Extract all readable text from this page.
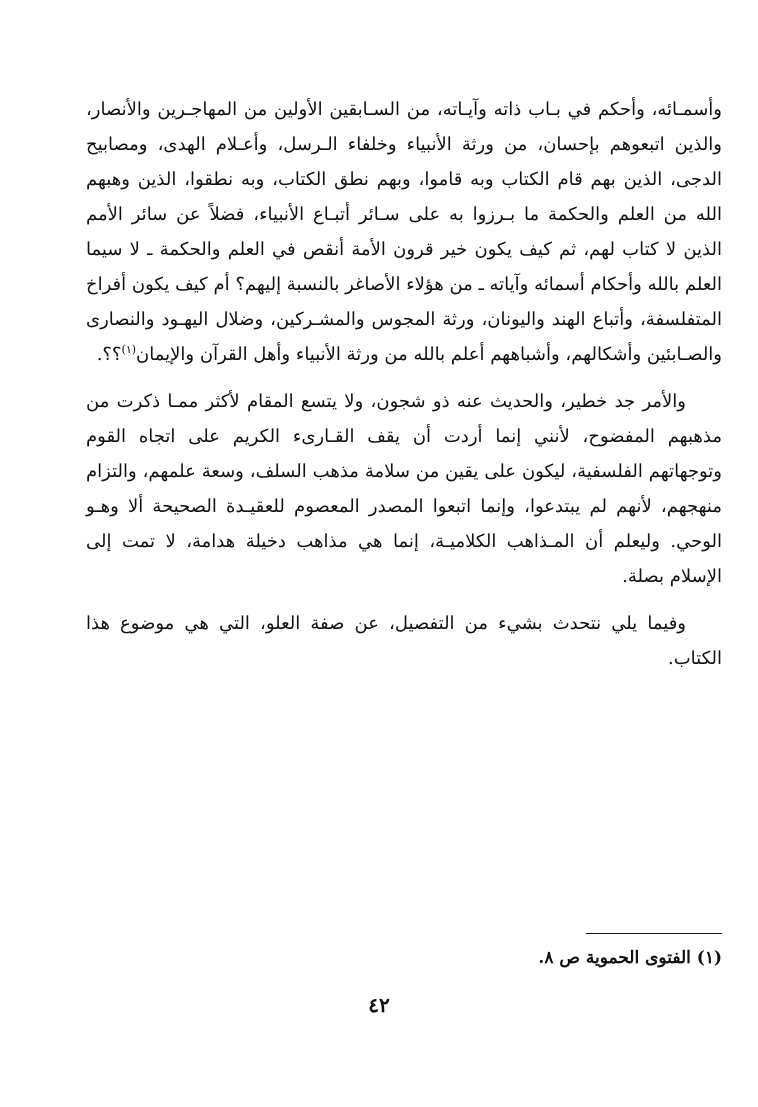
وأسمـائه، وأحكم في بـاب ذاته وآيـاته، من السـابقين الأولين من المهاجـرين والأنصار، والذين اتبعوهم بإحسان، من ورثة الأنبياء وخلفاء الـرسل، وأعـلام الهدى، ومصابيح الدجى، الذين بهم قام الكتاب وبه قاموا، وبهم نطق الكتاب، وبه نطقوا، الذين وهبهم الله من العلم والحكمة ما بـرزوا به على سـائر أتبـاع الأنبياء، فضلاً عن سائر الأمم الذين لا كتاب لهم، ثم كيف يكون خير قرون الأمة أنقص في العلم والحكمة ـ لا سيما العلم بالله وأحكام أسمائه وآياته ـ من هؤلاء الأصاغر بالنسبة إليهم؟ أم كيف يكون أفراخ المتفلسفة، وأتباع الهند واليونان، ورثة المجوس والمشـركين، وضلال اليهـود والنصارى والصـابئين وأشكالهم، وأشباههم أعلم بالله من ورثة الأنبياء وأهل القرآن والإيمان$^{(١)}$؟؟.

والأمر جد خطير، والحديث عنه ذو شجون، ولا يتسع المقام لأكثر ممـا ذكرت من مذهبهم المفضوح، لأنني إنما أردت أن يقف القـارىء الكريم على اتجاه القوم وتوجهاتهم الفلسفية، ليكون على يقين من سلامة مذهب السلف، وسعة علمهم، والتزام منهجهم، لأنهم لم يبتدعوا، وإنما اتبعوا المصدر المعصوم للعقيـدة الصحيحة ألا وهـو الوحي. وليعلم أن المـذاهب الكلاميـة، إنما هي مذاهب دخيلة هدامة، لا تمت إلى الإسلام بصلة.

وفيما يلي نتحدث بشيء من التفصيل، عن صفة العلو، التي هي موضوع هذا الكتاب.

(١) الفتوى الحموية ص ٨.
٤٢
